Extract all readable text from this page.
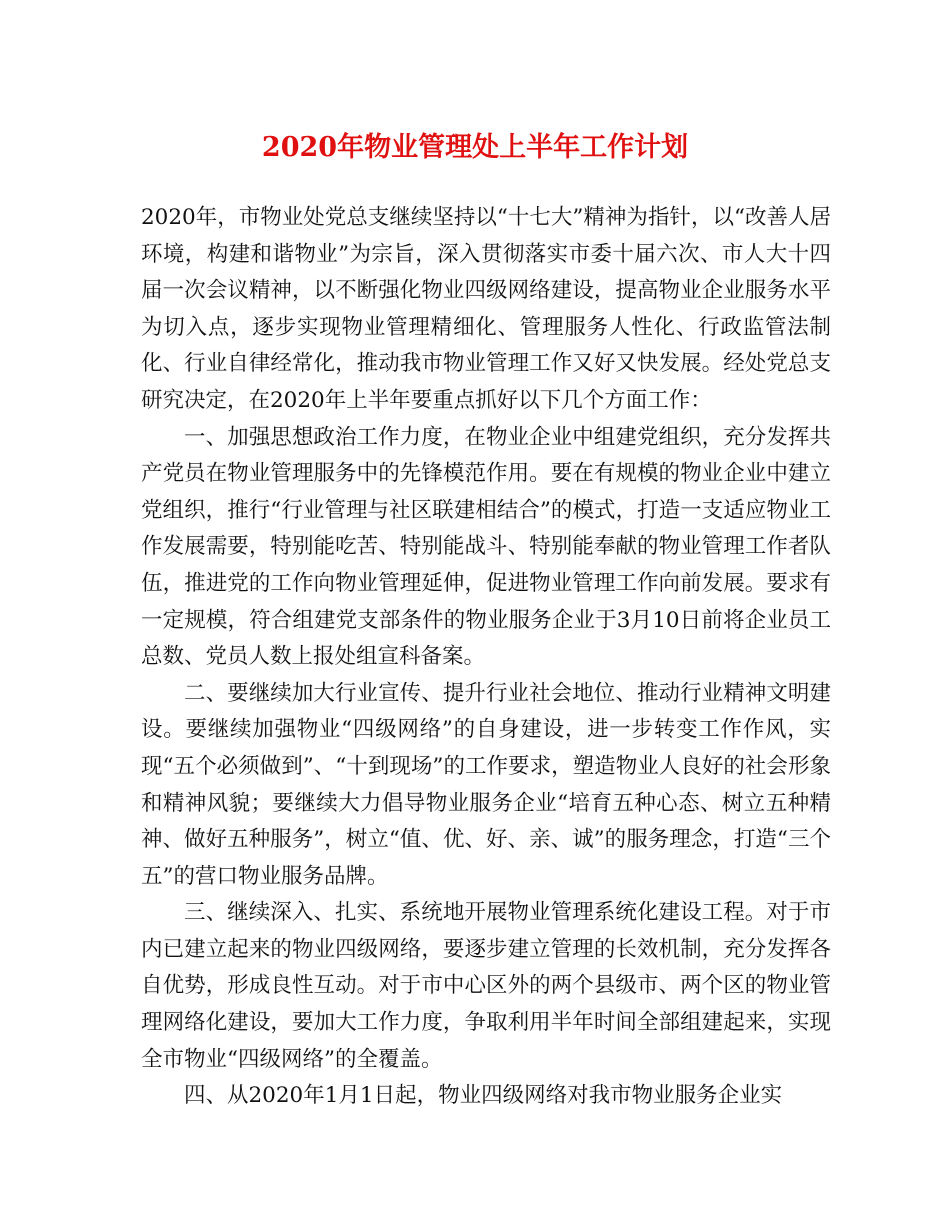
2020年物业管理处上半年工作计划

2020年，市物业处党总支继续坚持以“十七大”精神为指针，以“改善人居环境，构建和谐物业”为宗旨，深入贯彻落实市委十届六次、市人大十四届一次会议精神，以不断强化物业四级网络建设，提高物业企业服务水平为切入点，逐步实现物业管理精细化、管理服务人性化、行政监管法制化、行业自律经常化，推动我市物业管理工作又好又快发展。经处党总支研究决定，在2020年上半年要重点抓好以下几个方面工作：

一、加强思想政治工作力度，在物业企业中组建党组织，充分发挥共产党员在物业管理服务中的先锋模范作用。要在有规模的物业企业中建立党组织，推行“行业管理与社区联建相结合”的模式，打造一支适应物业工作发展需要，特别能吃苦、特别能战斗、特别能奉献的物业管理工作者队伍，推进党的工作向物业管理延伸，促进物业管理工作向前发展。要求有一定规模，符合组建党支部条件的物业服务企业于3月10日前将企业员工总数、党员人数上报处组宣科备案。

二、要继续加大行业宣传、提升行业社会地位、推动行业精神文明建设。要继续加强物业“四级网络”的自身建设，进一步转变工作作风，实现“五个必须做到”、“十到现场”的工作要求，塑造物业人良好的社会形象和精神风貌；要继续大力倡导物业服务企业“培育五种心态、树立五种精神、做好五种服务”，树立“值、优、好、亲、诚”的服务理念，打造“三个五”的营口物业服务品牌。

三、继续深入、扎实、系统地开展物业管理系统化建设工程。对于市内已建立起来的物业四级网络，要逐步建立管理的长效机制，充分发挥各自优势，形成良性互动。对于市中心区外的两个县级市、两个区的物业管理网络化建设，要加大工作力度，争取利用半年时间全部组建起来，实现全市物业“四级网络”的全覆盖。

四、从2020年1月1日起，物业四级网络对我市物业服务企业实
